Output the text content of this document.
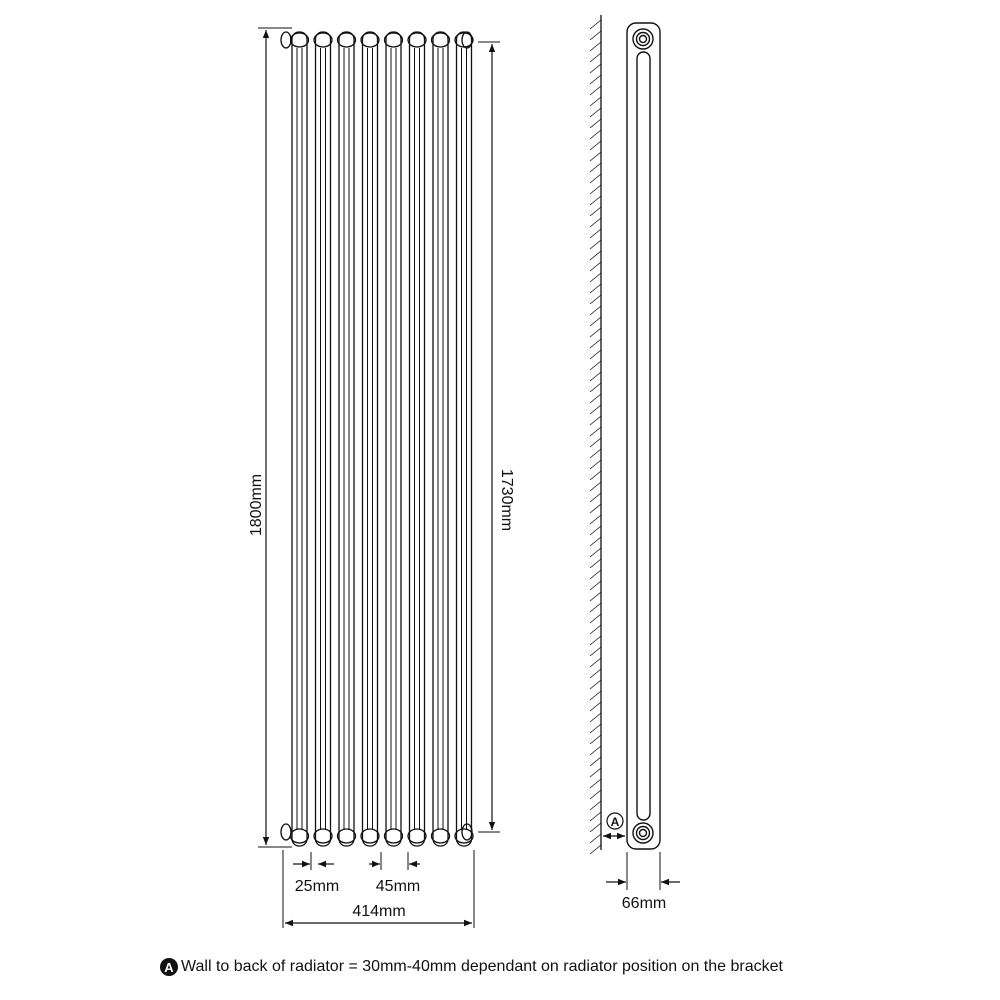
1800mm	1730mm
25mm 45mm
414mm
A
66mm
A Wall to back of radiator = 30mm-40mm dependant on radiator position on the bracket
